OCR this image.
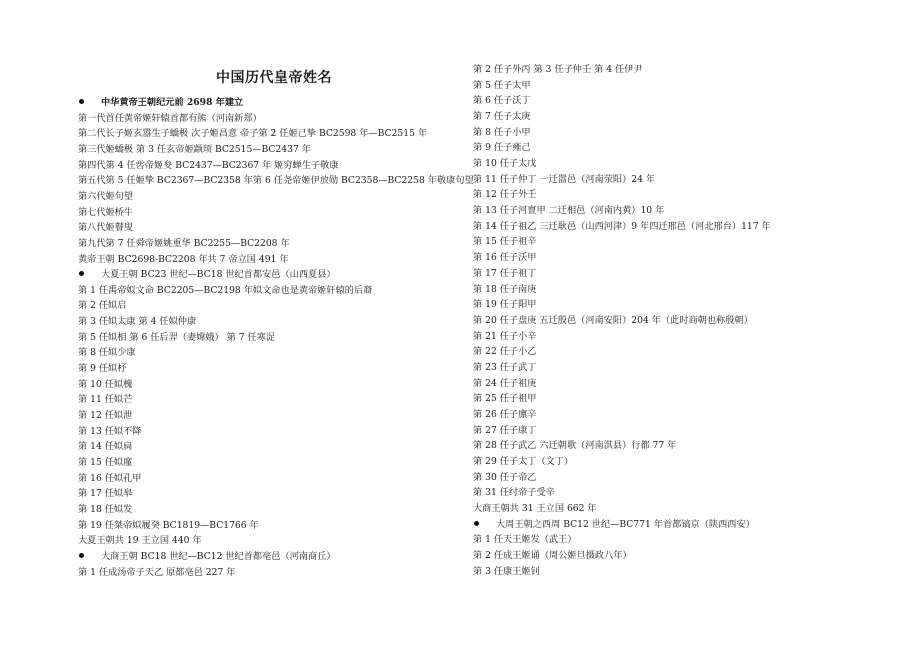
中国历代皇帝姓名
中华黄帝王朝纪元前 2698 年建立
第一代首任黄帝姬轩辕首都有熊（河南新郑）
第二代长子姬玄嚣生子蟜极 次子姬昌意 帝子第 2 任姬己挚 BC2598 年—BC2515 年
第三代姬蟜极 第 3 任玄帝姬颛顼 BC2515—BC2437 年
第四代第 4 任喾帝姬夋 BC2437—BC2367 年 姬穷蝉生子敬康
第五代第 5 任姬挚 BC2367—BC2358 年第 6 任尧帝姬伊放勋 BC2358—BC2258 年敬康句望
第六代姬句望
第七代姬桥牛
第八代姬瞽叟
第九代第 7 任舜帝姬姚重华 BC2255—BC2208 年
黄帝王朝 BC2698-BC2208 年共 7 帝立国 491 年
大夏王朝 BC23 世纪—BC18 世纪首都安邑（山西夏县）
第 1 任禹帝姒文命 BC2205—BC2198 年姒文命也是黄帝姬轩辕的后裔
第 2 任姒启
第 3 任姒太康 第 4 任姒仲康
第 5 任姒相 第 6 任后羿（妻嫦娥） 第 7 任寒浞
第 8 任姒少康
第 9 任姒杼
第 10 任姒槐
第 11 任姒芒
第 12 任姒泄
第 13 任姒不降
第 14 任姒扃
第 15 任姒廑
第 16 任姒孔甲
第 17 任姒皋
第 18 任姒发
第 19 任桀帝姒履癸 BC1819—BC1766 年
大夏王朝共 19 王立国 440 年
大商王朝 BC18 世纪—BC12 世纪首都亳邑（河南商丘）
第 1 任成汤帝子天乙 原都亳邑 227 年
第 2 任子外丙 第 3 任子仲壬 第 4 任伊尹
第 5 任子太甲
第 6 任子沃丁
第 7 任子太庚
第 8 任子小甲
第 9 任子雍己
第 10 任子太戊
第 11 任子仲丁 一迁嚣邑（河南荥阳）24 年
第 12 任子外壬
第 13 任子河亶甲 二迁相邑（河南内黄）10 年
第 14 任子祖乙 三迁耿邑（山西河津）9 年四迁邢邑（河北邢台）117 年
第 15 任子祖辛
第 16 任子沃甲
第 17 任子祖丁
第 18 任子南庚
第 19 任子阳甲
第 20 任子盘庚 五迁殷邑（河南安阳）204 年（此时商朝也称殷朝）
第 21 任子小辛
第 22 任子小乙
第 23 任子武丁
第 24 任子祖庚
第 25 任子祖甲
第 26 任子廪辛
第 27 任子康丁
第 28 任子武乙 六迁朝歌（河南淇县）行都 77 年
第 29 任子太丁（文丁）
第 30 任子帝乙
第 31 任纣帝子受辛
大商王朝共 31 王立国 662 年
大周王朝之西周 BC12 世纪—BC771 年首都镐京（陕西西安）
第 1 任天王姬发（武王）
第 2 任成王姬诵（周公姬旦摄政八年）
第 3 任康王姬钊
